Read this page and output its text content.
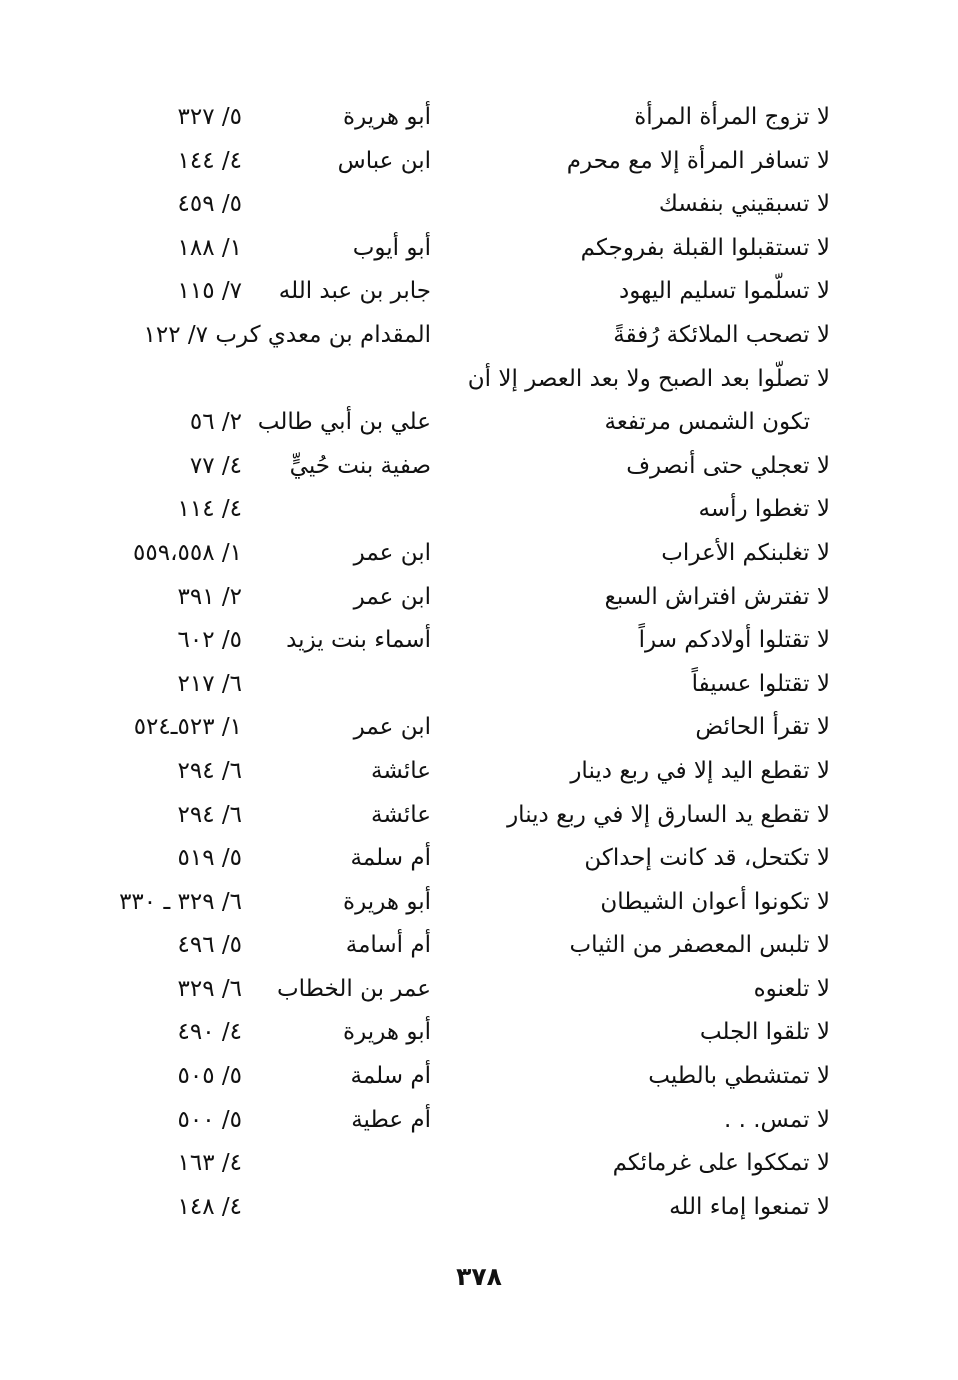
لا تزوج المرأة المرأة
أبو هريرة
٥/ ٣٢٧
لا تسافر المرأة إلا مع محرم
ابن عباس
٤/ ١٤٤
لا تسبقيني بنفسك
٥/ ٤٥٩
لا تستقبلوا القبلة بفروجكم
أبو أيوب
١/ ١٨٨
لا تسلّموا تسليم اليهود
جابر بن عبد الله
٧/ ١١٥
لا تصحب الملائكة رُفقةً
المقدام بن معدي كرب ٧/ ١٢٢
لا تصلّوا بعد الصبح ولا بعد العصر إلا أن
تكون الشمس مرتفعة
علي بن أبي طالب
٢/ ٥٦
لا تعجلي حتى أنصرف
صفية بنت حُييٍّ
٤/ ٧٧
لا تغطوا رأسه
٤/ ١١٤
لا تغلبنكم الأعراب
ابن عمر
١/ ٥٥٩،٥٥٨
لا تفترش افتراش السبع
ابن عمر
٢/ ٣٩١
لا تقتلوا أولادكم سراً
أسماء بنت يزيد
٥/ ٦٠٢
لا تقتلوا عسيفاً
٦/ ٢١٧
لا تقرأ الحائض
ابن عمر
١/ ٥٢٣ـ٥٢٤
لا تقطع اليد إلا في ربع دينار
عائشة
٦/ ٢٩٤
لا تقطع يد السارق إلا في ربع دينار
عائشة
٦/ ٢٩٤
لا تكتحل، قد كانت إحداكن
أم سلمة
٥/ ٥١٩
لا تكونوا أعوان الشيطان
أبو هريرة
٦/ ٣٢٩ ـ ٣٣٠
لا تلبس المعصفر من الثياب
أم أسامة
٥/ ٤٩٦
لا تلعنوه
عمر بن الخطاب
٦/ ٣٢٩
لا تلقوا الجلب
أبو هريرة
٤/ ٤٩٠
لا تمتشطي بالطيب
أم سلمة
٥/ ٥٠٥
لا تمس. . .
أم عطية
٥/ ٥٠٠
لا تمككوا على غرمائكم
٤/ ١٦٣
لا تمنعوا إماء الله
٤/ ١٤٨
٣٧٨
